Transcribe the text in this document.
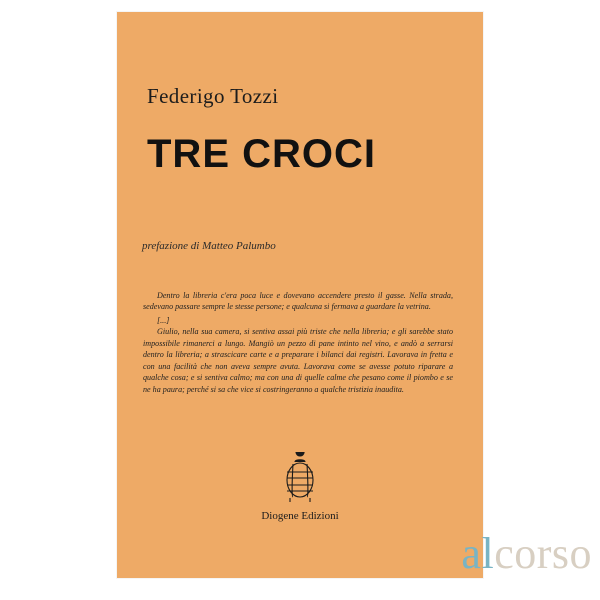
Federigo Tozzi
TRE CROCI
prefazione di Matteo Palumbo

Dentro la libreria c'era poca luce e dovevano accendere presto il gasse. Nella strada, sedevano passare sempre le stesse persone; e qualcuna si fermava a guardare la vetrina.

[...]

Giulio, nella sua camera, si sentiva assai più triste che nella libreria; e gli sarebbe stato impossibile rimanerci a lungo. Mangiò un pezzo di pane intinto nel vino, e andò a serrarsi dentro la libreria; a strascicare carte e a preparare i bilanci dai registri. Lavorava in fretta e con una facilità che non aveva sempre avuta. Lavorava come se avesse potuto riparare a qualche cosa; e si sentiva calmo; ma con una di quelle calme che pesano come il piombo e se ne ha paura; perché si sa che vice si costringeranno a qualche tristizia inaudita.

Diogene Edizioni
alcorso
